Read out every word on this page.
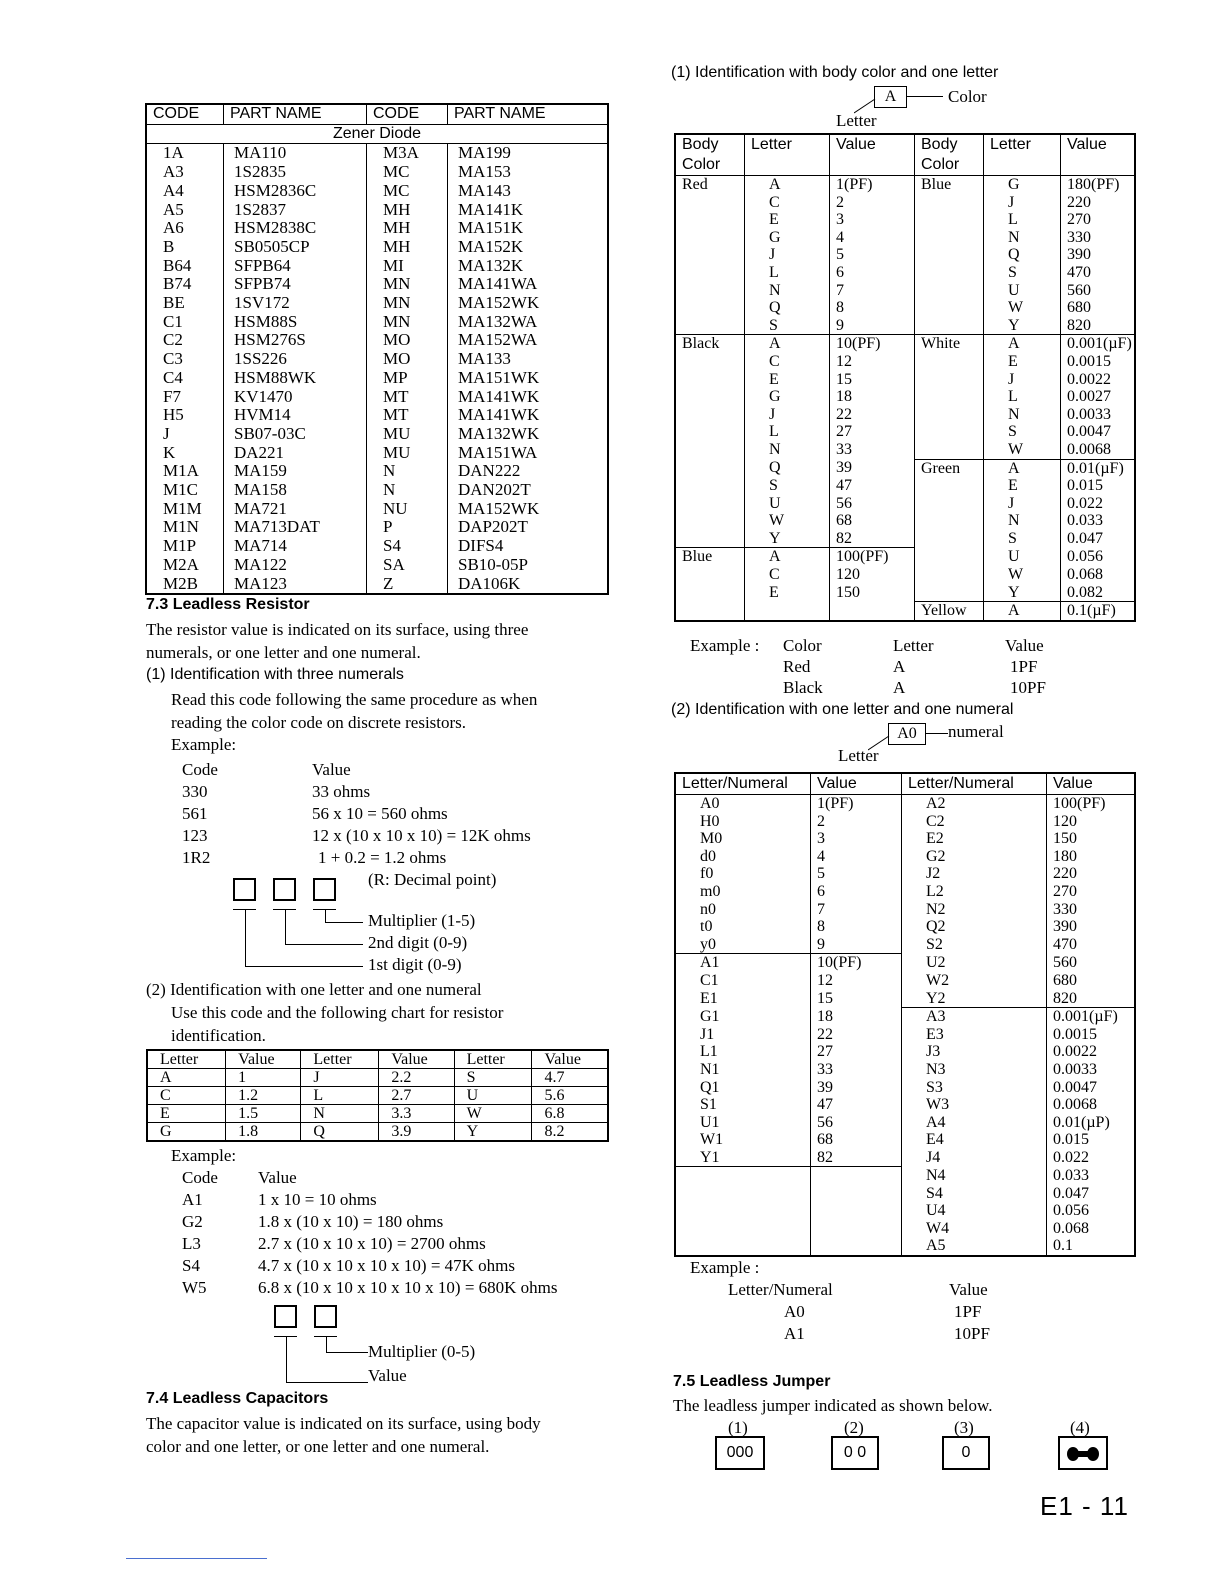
CODE	PART NAME	CODE	PART NAME
Zener Diode			
1A	MA110	M3A	MA199
A3	1S2835	MC	MA153
A4	HSM2836C	MC	MA143
A5	1S2837	MH	MA141K
A6	HSM2838C	MH	MA151K
B	SB0505CP	MH	MA152K
B64	SFPB64	MI	MA132K
B74	SFPB74	MN	MA141WA
BE	1SV172	MN	MA152WK
C1	HSM88S	MN	MA132WA
C2	HSM276S	MO	MA152WA
C3	1SS226	MO	MA133
C4	HSM88WK	MP	MA151WK
F7	KV1470	MT	MA141WK
H5	HVM14	MT	MA141WK
J	SB07-03C	MU	MA132WK
K	DA221	MU	MA151WA
M1A	MA159	N	DAN222
M1C	MA158	N	DAN202T
M1M	MA721	NU	MA152WK
M1N	MA713DAT	P	DAP202T
M1P	MA714	S4	DIFS4
M2A	MA122	SA	SB10-05P
M2B	MA123	Z	DA106K
7.3 Leadless Resistor
The resistor value is indicated on its surface, using three
numerals, or one letter and one numeral.
(1) Identification with three numerals
Read this code following the same procedure as when
reading the color code on discrete resistors.
Example:
Code	Value
330	33 ohms
561	56 x 10 = 560 ohms
123	12 x (10 x 10 x 10) = 12K ohms
1R2	1 + 0.2 = 1.2 ohms
(R: Decimal point)
Multiplier (1-5)
2nd digit (0-9)
1st digit (0-9)
(2) Identification with one letter and one numeral
Use this code and the following chart for resistor
identification.
Letter	Value	Letter	Value	Letter	Value
A	1	J	2.2	S	4.7
C	1.2	L	2.7	U	5.6
E	1.5	N	3.3	W	6.8
G	1.8	Q	3.9	Y	8.2
Example:
Code Value
A1	1 x 10 = 10 ohms
G2	1.8 x (10 x 10) = 180 ohms
L3	2.7 x (10 x 10 x 10) = 2700 ohms
S4	4.7 x (10 x 10 x 10 x 10) = 47K ohms
W5	6.8 x (10 x 10 x 10 x 10 x 10) = 680K ohms
Multiplier (0-5)
Value
7.4 Leadless Capacitors
The capacitor value is indicated on its surface, using body
color and one letter, or one letter and one numeral.
(1) Identification with body color and one letter
A	Color
Letter
Body Color	Letter	Value	Body Color	Letter	Value
Red	A	1(PF)	Blue	G	180(PF)
	C	2		J	220
	E	3		L	270
	G	4		N	330
	J	5		Q	390
	L	6		S	470
	N	7		U	560
	Q	8		W	680
	S	9		Y	820
Black	A	10(PF)	White	A	0.001(µF)
	C	12		E	0.0015
	E	15		J	0.0022
	G	18		L	0.0027
	J	22		N	0.0033
	L	27		S	0.0047
	N	33		W	0.0068
	Q	39	Green	A	0.01(µF)
	S	47		E	0.015
	U	56		J	0.022
	W	68		N	0.033
	Y	82		S	0.047
Blue	A	100(PF)		U	0.056
	C	120		W	0.068
	E	150		Y	0.082
			Yellow	A	0.1(µF)
Example : Color	Letter	Value
Red	A	1PF
Black	A	10PF
(2) Identification with one letter and one numeral
A0	numeral
Letter
Letter/Numeral	Value	Letter/Numeral	Value
A0	1(PF)	A2	100(PF)
H0	2	C2	120
M0	3	E2	150
d0	4	G2	180
f0	5	J2	220
m0	6	L2	270
n0	7	N2	330
t0	8	Q2	390
y0	9	S2	470
A1	10(PF)	U2	560
C1	12	W2	680
E1	15	Y2	820
G1	18	A3	0.001(µF)
J1	22	E3	0.0015
L1	27	J3	0.0022
N1	33	N3	0.0033
Q1	39	S3	0.0047
S1	47	W3	0.0068
U1	56	A4	0.01(µP)
W1	68	E4	0.015
Y1	82	J4	0.022
		N4	0.033
		S4	0.047
		U4	0.056
		W4	0.068
		A5	0.1
Example :
Letter/Numeral	Value
A0	1PF
A1	10PF
7.5 Leadless Jumper
The leadless jumper indicated as shown below.
(1)	(2)	(3)	(4)
000	0 0	0
E1 - 11
